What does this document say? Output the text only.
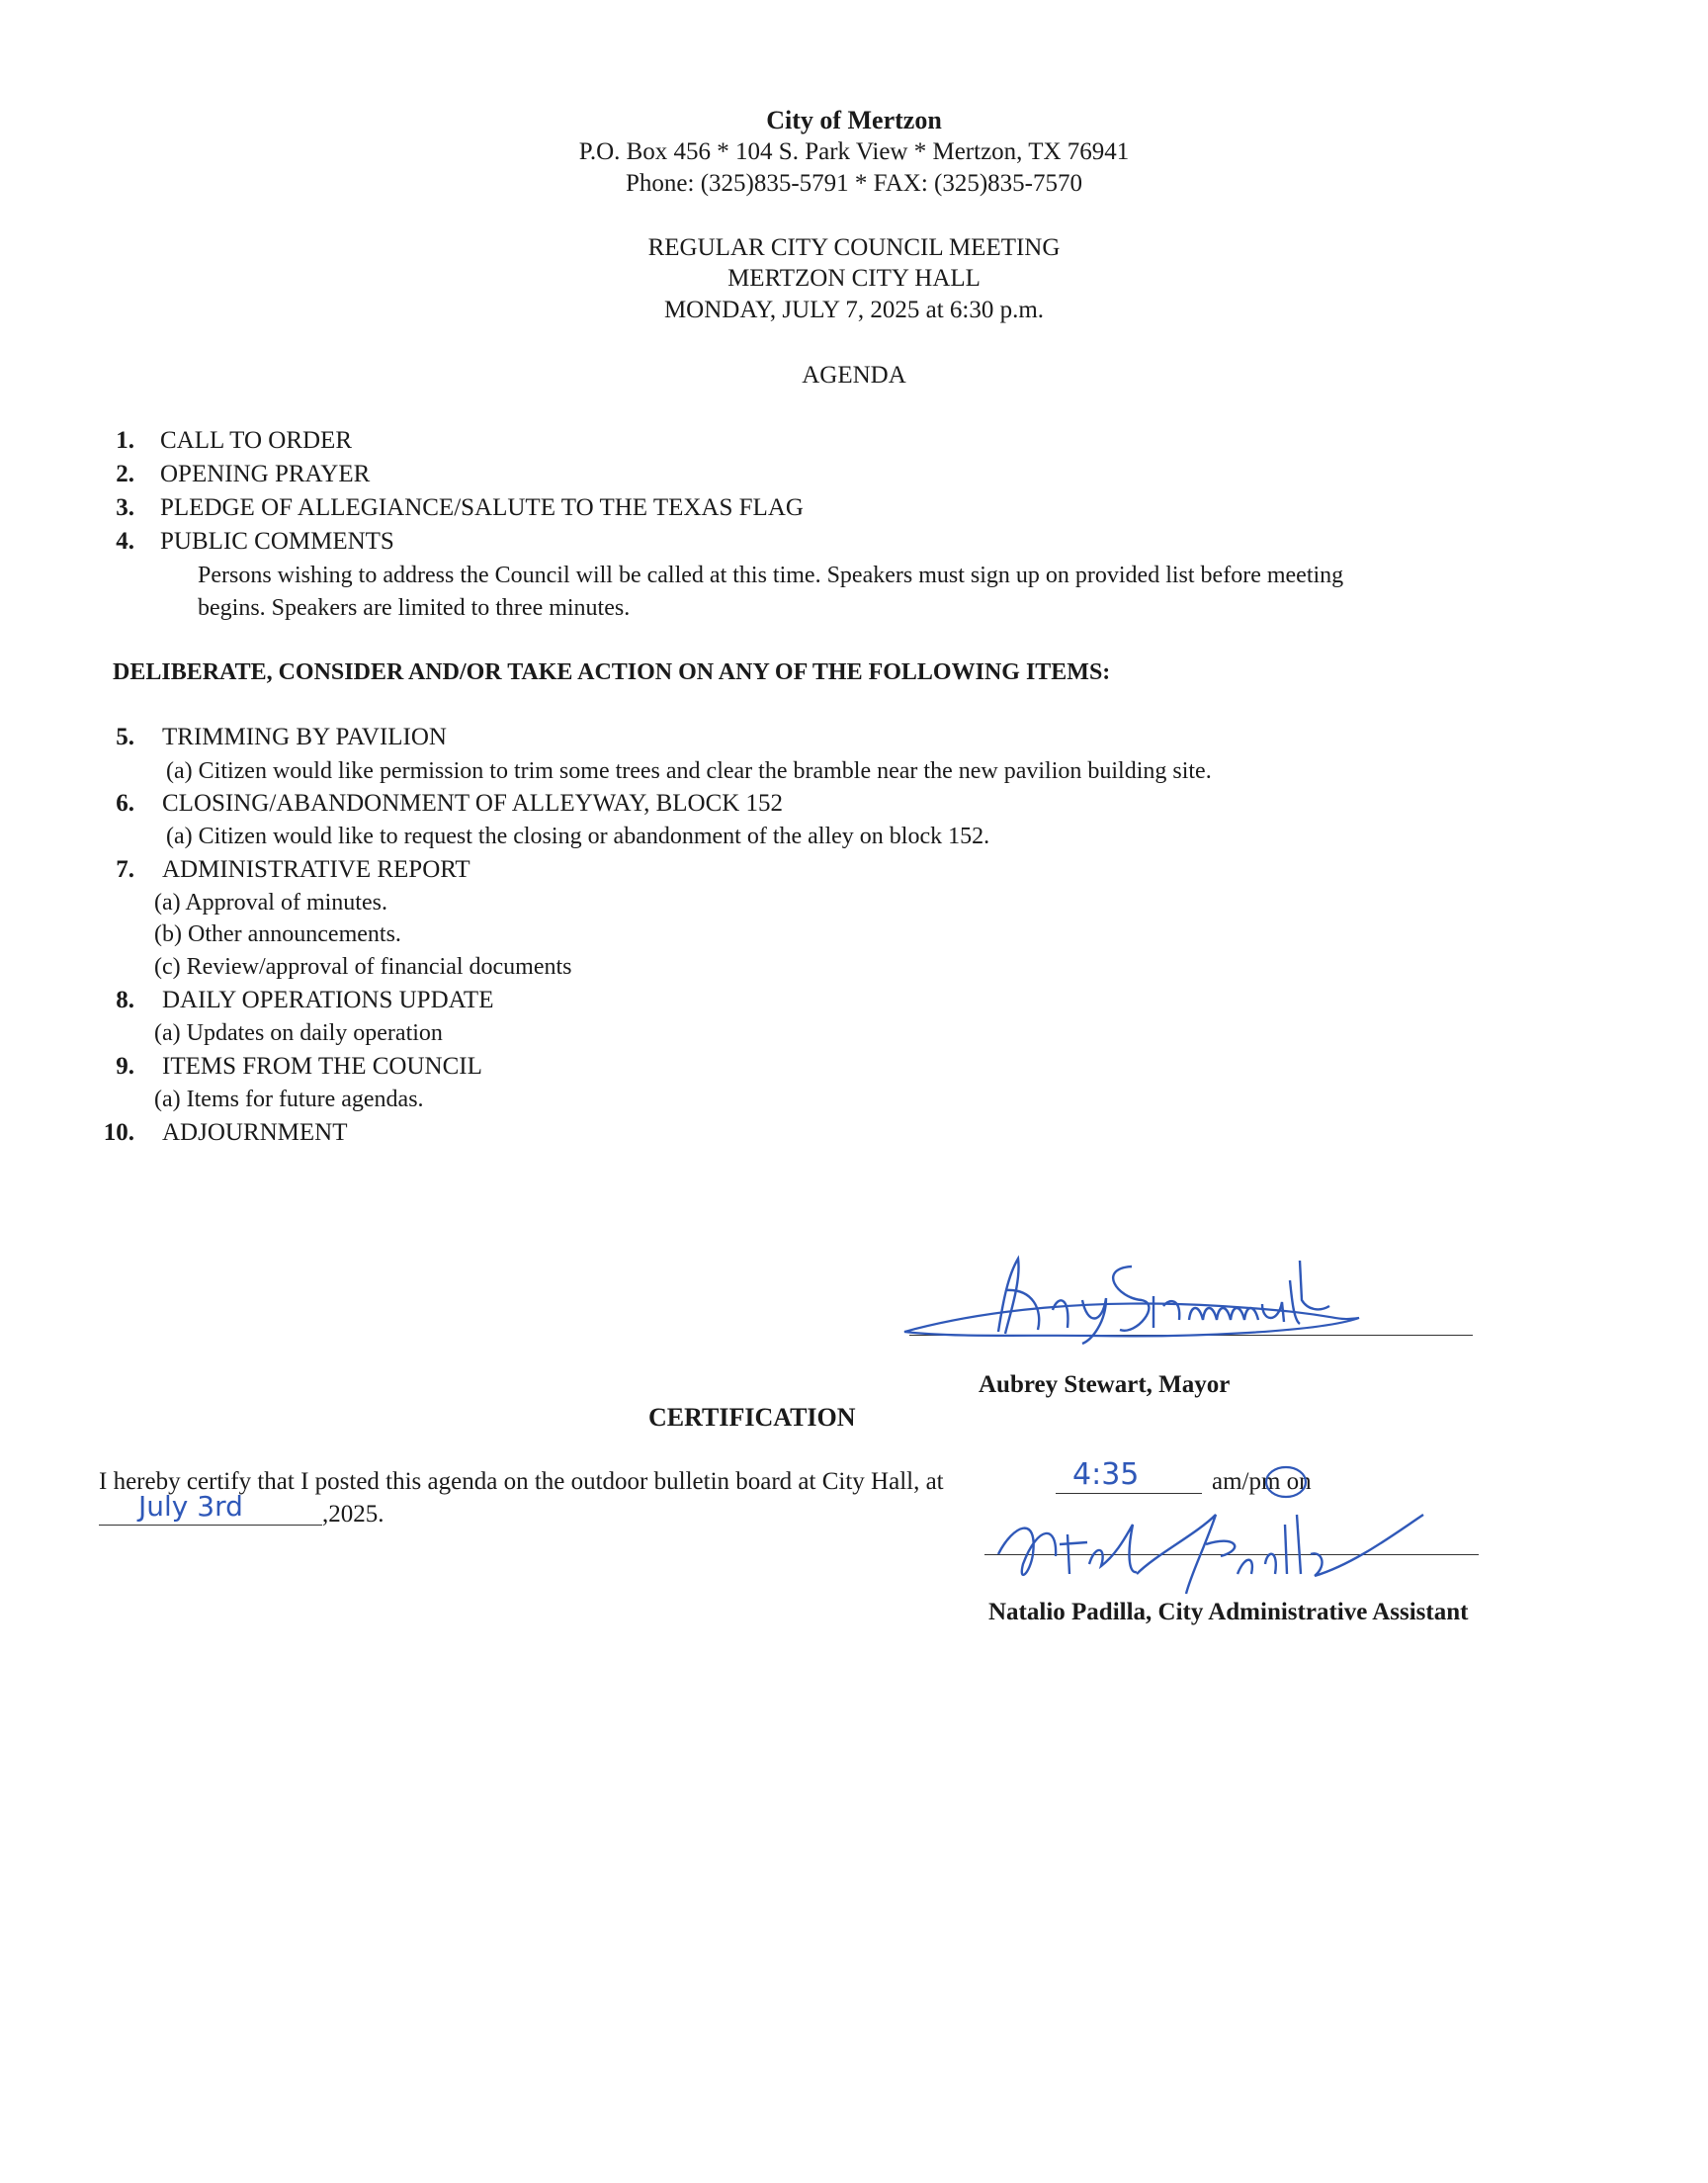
City of Mertzon
P.O. Box 456 * 104 S. Park View * Mertzon, TX 76941
Phone: (325)835-5791 * FAX: (325)835-7570
REGULAR CITY COUNCIL MEETING
MERTZON CITY HALL
MONDAY, JULY 7, 2025 at 6:30 p.m.
AGENDA
1. CALL TO ORDER
2. OPENING PRAYER
3. PLEDGE OF ALLEGIANCE/SALUTE TO THE TEXAS FLAG
4. PUBLIC COMMENTS
Persons wishing to address the Council will be called at this time. Speakers must sign up on provided list before meeting
begins. Speakers are limited to three minutes.
DELIBERATE, CONSIDER AND/OR TAKE ACTION ON ANY OF THE FOLLOWING ITEMS:
5. TRIMMING BY PAVILION
(a) Citizen would like permission to trim some trees and clear the bramble near the new pavilion building site.
6. CLOSING/ABANDONMENT OF ALLEYWAY, BLOCK 152
(a) Citizen would like to request the closing or abandonment of the alley on block 152.
7. ADMINISTRATIVE REPORT
(a) Approval of minutes.
(b) Other announcements.
(c) Review/approval of financial documents
8. DAILY OPERATIONS UPDATE
(a) Updates on daily operation
9. ITEMS FROM THE COUNCIL
(a) Items for future agendas.
10. ADJOURNMENT
Aubrey Stewart, Mayor
CERTIFICATION
I hereby certify that I posted this agenda on the outdoor bulletin board at City Hall, at	4:35	am/pm on
July 3rd	,2025.
Natalio Padilla, City Administrative Assistant
